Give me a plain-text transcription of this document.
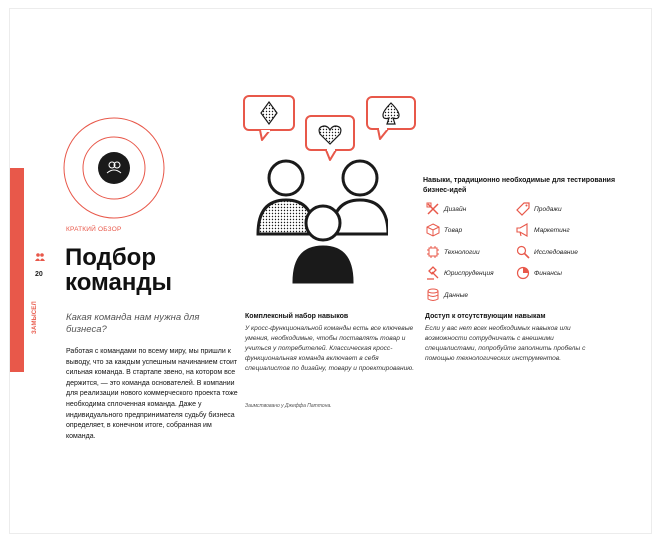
20
ЗАМЫСЕЛ
КРАТКИЙ ОБЗОР
Подбор
команды

Какая команда нам нужна для бизнеса?

Работая с командами по всему миру, мы пришли к выводу, что за каждым успешным начинанием стоит сильная команда. В стартапе звено, на котором все держится, — это команда основателей. В компании для реализации нового коммерческого проекта тоже необходима сплоченная команда. Даже у индивидуального предпринимателя судьбу бизнеса определяет, в конечном итоге, собранная им команда.

Комплексный набор навыков

У кросс-функциональной команды есть все ключевые умения, необходимые, чтобы поставлять товар и учиться у потребителей. Классическая кросс-функциональная команда включает в себя специалистов по дизайну, товару и проектированию.

Заимствовано у Джеффа Паттона.

Навыки, традиционно необходимые для тестирования бизнес-идей

Дизайн
Товар
Технологии
Юриспруденция
Данные
Продажи
Маркетинг
Исследование
Финансы
Доступ к отсутствующим навыкам

Если у вас нет всех необходимых навыков или возможности сотрудничать с внешними специалистами, попробуйте заполнить пробелы с помощью технологических инструментов.
